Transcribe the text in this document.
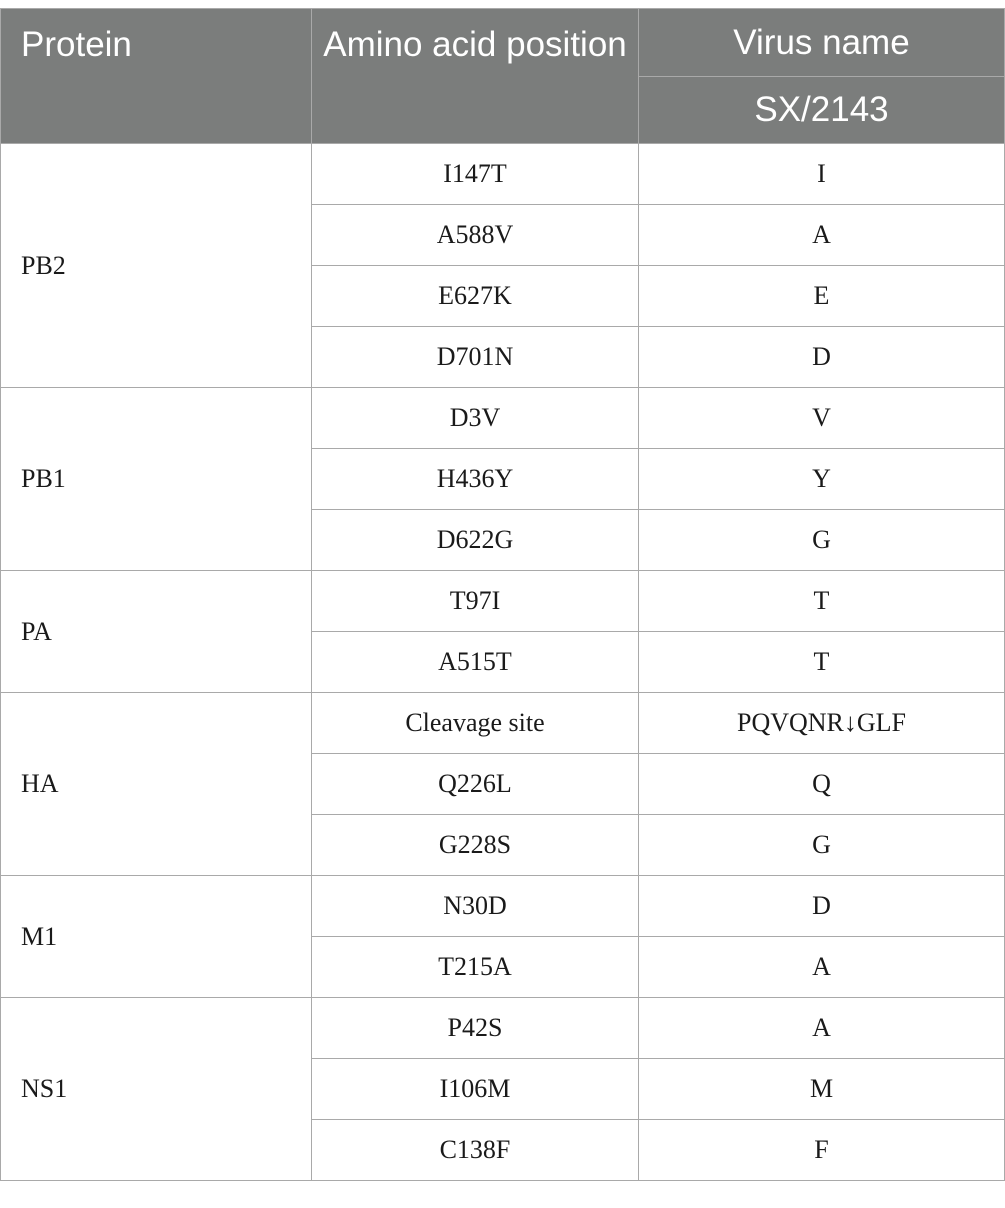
Protein	Amino acid position	Virus name
		SX/2143
PB2	I147T	I
	A588V	A
	E627K	E
	D701N	D
PB1	D3V	V
	H436Y	Y
	D622G	G
PA	T97I	T
	A515T	T
HA	Cleavage site	PQVQNR↓GLF
	Q226L	Q
	G228S	G
M1	N30D	D
	T215A	A
NS1	P42S	A
	I106M	M
	C138F	F
